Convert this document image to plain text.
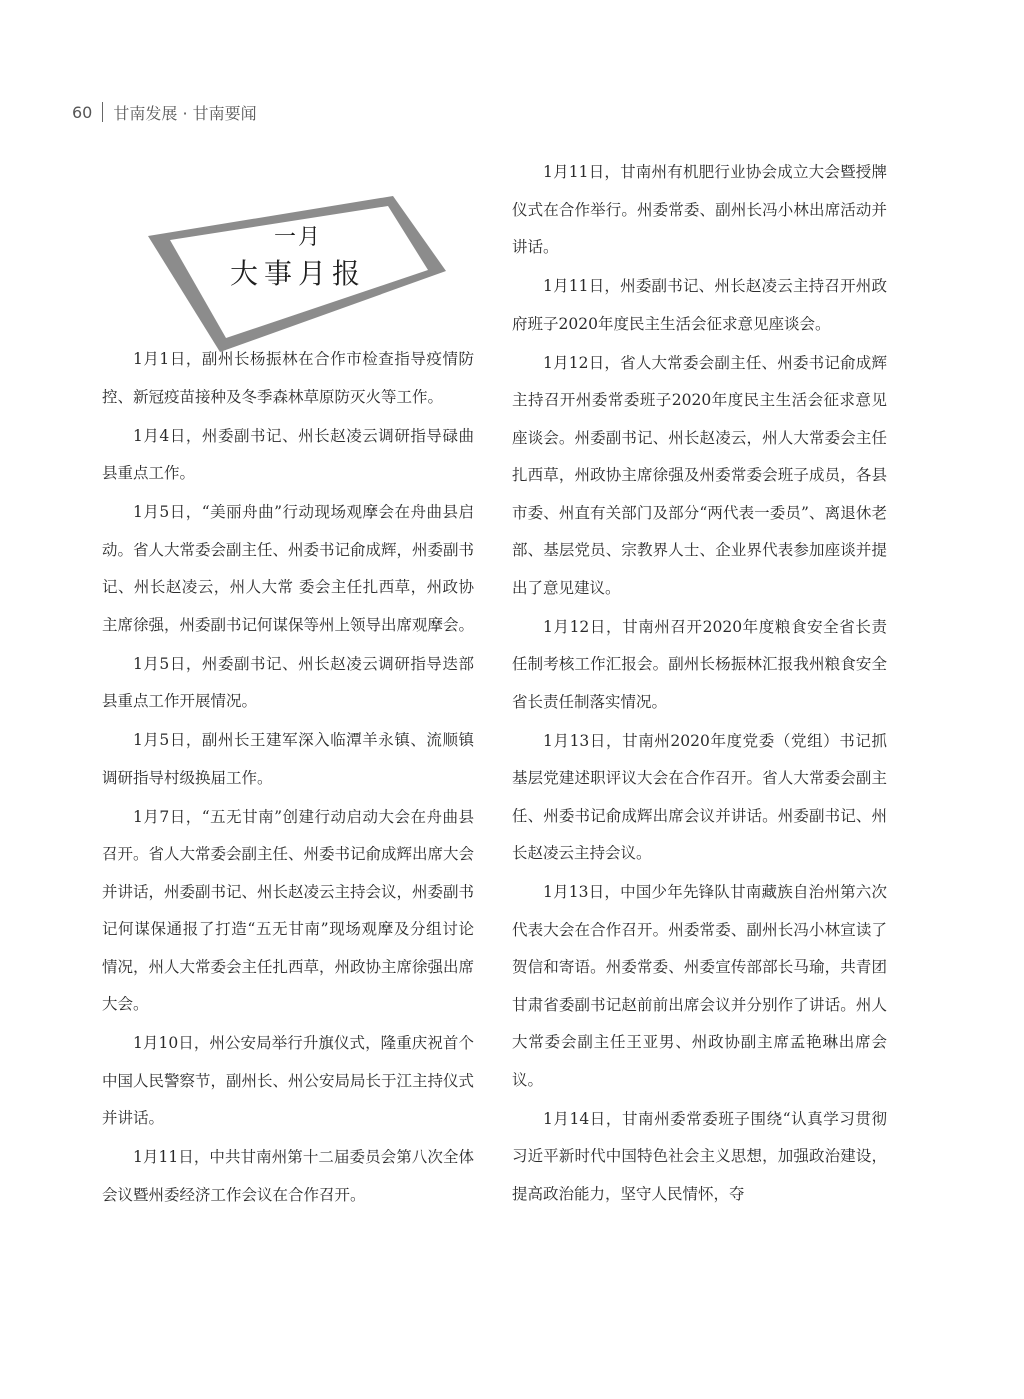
60 甘南发展 · 甘南要闻
一月
大事月报

1月1日，副州长杨振林在合作市检查指导疫情防控、新冠疫苗接种及冬季森林草原防灭火等工作。

1月4日，州委副书记、州长赵凌云调研指导碌曲县重点工作。

1月5日，“美丽舟曲”行动现场观摩会在舟曲县启动。省人大常委会副主任、州委书记俞成辉，州委副书记、州长赵凌云，州人大常 委会主任扎西草，州政协主席徐强，州委副书记何谋保等州上领导出席观摩会。

1月5日，州委副书记、州长赵凌云调研指导迭部县重点工作开展情况。

1月5日，副州长王建军深入临潭羊永镇、流顺镇调研指导村级换届工作。

1月7日，“五无甘南”创建行动启动大会在舟曲县召开。省人大常委会副主任、州委书记俞成辉出席大会并讲话，州委副书记、州长赵凌云主持会议，州委副书记何谋保通报了打造“五无甘南”现场观摩及分组讨论情况，州人大常委会主任扎西草，州政协主席徐强出席大会。

1月10日，州公安局举行升旗仪式，隆重庆祝首个中国人民警察节，副州长、州公安局局长于江主持仪式并讲话。

1月11日，中共甘南州第十二届委员会第八次全体会议暨州委经济工作会议在合作召开。

1月11日，甘南州有机肥行业协会成立大会暨授牌仪式在合作举行。州委常委、副州长冯小林出席活动并讲话。

1月11日，州委副书记、州长赵凌云主持召开州政府班子2020年度民主生活会征求意见座谈会。

1月12日，省人大常委会副主任、州委书记俞成辉主持召开州委常委班子2020年度民主生活会征求意见座谈会。州委副书记、州长赵凌云，州人大常委会主任扎西草，州政协主席徐强及州委常委会班子成员，各县市委、州直有关部门及部分“两代表一委员”、离退休老部、基层党员、宗教界人士、企业界代表参加座谈并提出了意见建议。

1月12日，甘南州召开2020年度粮食安全省长责任制考核工作汇报会。副州长杨振林汇报我州粮食安全省长责任制落实情况。

1月13日，甘南州2020年度党委（党组）书记抓基层党建述职评议大会在合作召开。省人大常委会副主任、州委书记俞成辉出席会议并讲话。州委副书记、州长赵凌云主持会议。

1月13日，中国少年先锋队甘南藏族自治州第六次代表大会在合作召开。州委常委、副州长冯小林宣读了贺信和寄语。州委常委、州委宣传部部长马瑜，共青团甘肃省委副书记赵前前出席会议并分别作了讲话。州人大常委会副主任王亚男、州政协副主席孟艳琳出席会议。

1月14日，甘南州委常委班子围绕“认真学习贯彻习近平新时代中国特色社会主义思想，加强政治建设，提高政治能力，坚守人民情怀，夺
